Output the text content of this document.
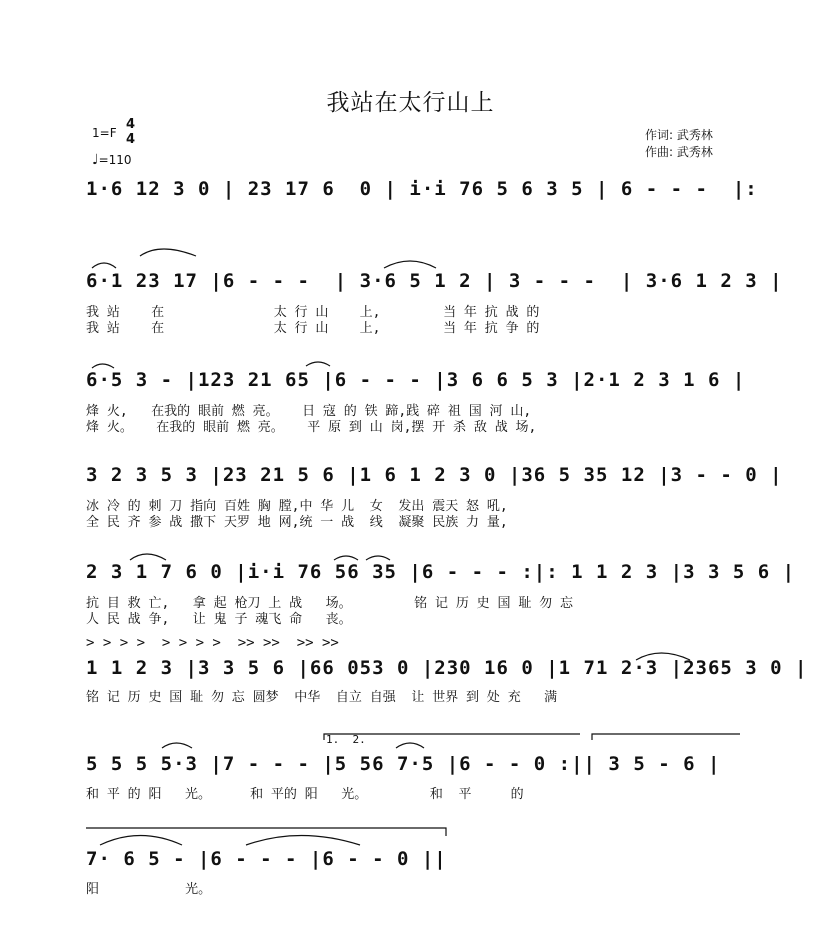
我站在太行山上
1=F
4
4
♩=110
作词: 武秀林
作曲: 武秀林
1·6 12 3 0 | 23 17 6  0 | i·i 76 5 6 3 5 | 6 - - -  |:
6·1 23 17 |6 - - -  | 3·6 5 1 2 | 3 - - -  | 3·6 1 2 3 |
我 站    在              太 行 山    上,        当 年 抗 战 的
我 站    在              太 行 山    上,        当 年 抗 争 的
6·5 3 - |123 21 65 |6 - - - |3 6 6 5 3 |2·1 2 3 1 6 |
烽 火,   在我的 眼前 燃 亮。   日 寇 的 铁 蹄,践 碎 祖 国 河 山,
烽 火。   在我的 眼前 燃 亮。   平 原 到 山 岗,摆 开 杀 敌 战 场,
3 2 3 5 3 |23 21 5 6 |1 6 1 2 3 0 |36 5 35 12 |3 - - 0 |
冰 冷 的 刺 刀 指向 百姓 胸 膛,中 华 儿  女  发出 震天 怒 吼,
全 民 齐 参 战 撒下 天罗 地 网,统 一 战  线  凝聚 民族 力 量,
2 3 1 7 6 0 |i·i 76 56 35 |6 - - - :|: 1 1 2 3 |3 3 5 6 |
抗 目 救 亡,   拿 起 枪刀 上 战   场。        铭 记 历 史 国 耻 勿 忘
人 民 战 争,   让 鬼 子 魂飞 命   丧。
> > > >  > > > >  >> >>  >> >>
1 1 2 3 |3 3 5 6 |66 053 0 |230 16 0 |1 71 2·3 |2365 3 0 |
铭 记 历 史 国 耻 勿 忘 圆梦  中华  自立 自强  让 世界 到 处 充   满
1.  2.
5 5 5 5·3 |7 - - - |5 56 7·5 |6 - - 0 :|| 3 5 - 6 |
和 平 的 阳   光。     和 平的 阳   光。        和  平     的
7· 6 5 - |6 - - - |6 - - 0 ||
阳           光。
